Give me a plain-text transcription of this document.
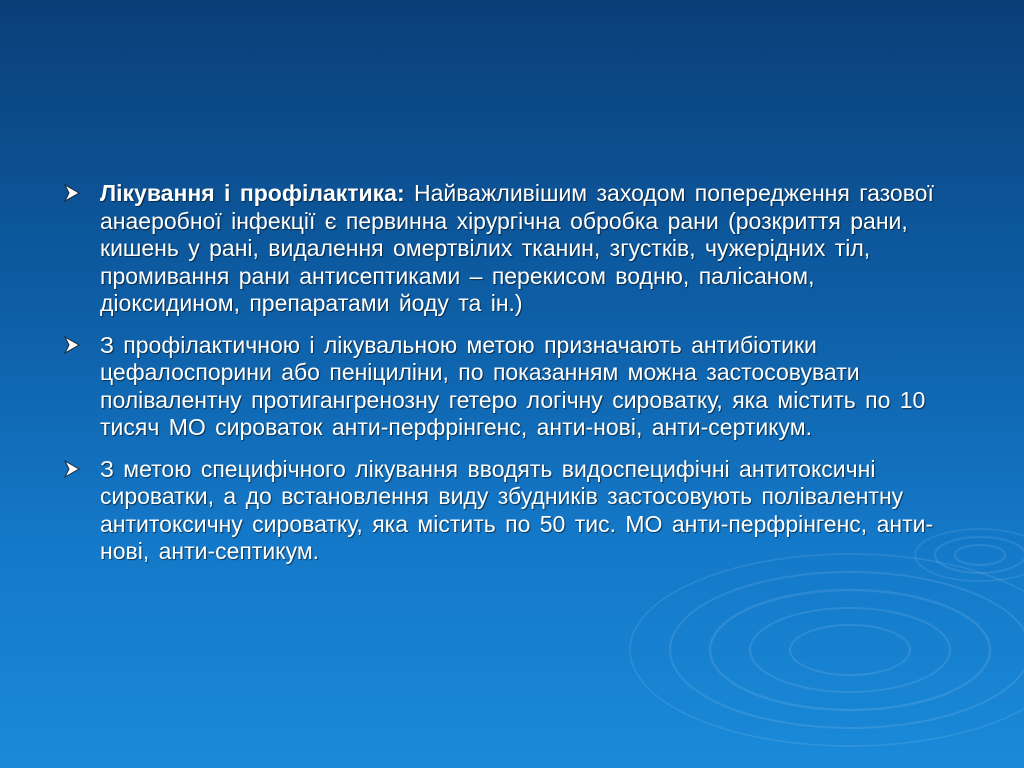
Лікування і профілактика: Найважливішим заходом попередження газової анаеробної інфекції є первинна хірургічна обробка рани (розкриття рани, кишень у рані, видалення омертвілих тканин, згустків, чужерідних тіл, промивання рани антисептиками – перекисом водню, палісаном, діоксидином, препаратами йоду та ін.)
З профілактичною і лікувальною метою призначають антибіотики цефалоспорини або пеніциліни, по показанням можна застосовувати полівалентну протигангренозну гетеро логічну сироватку, яка містить по 10 тисяч МО сироваток анти-перфрінгенс, анти-нові, анти-сертикум.
З метою специфічного лікування вводять видоспецифічні антитоксичні сироватки, а до встановлення виду збудників застосовують полівалентну антитоксичну сироватку, яка містить по 50 тис. МО анти-перфрінгенс, анти-нові, анти-септикум.
